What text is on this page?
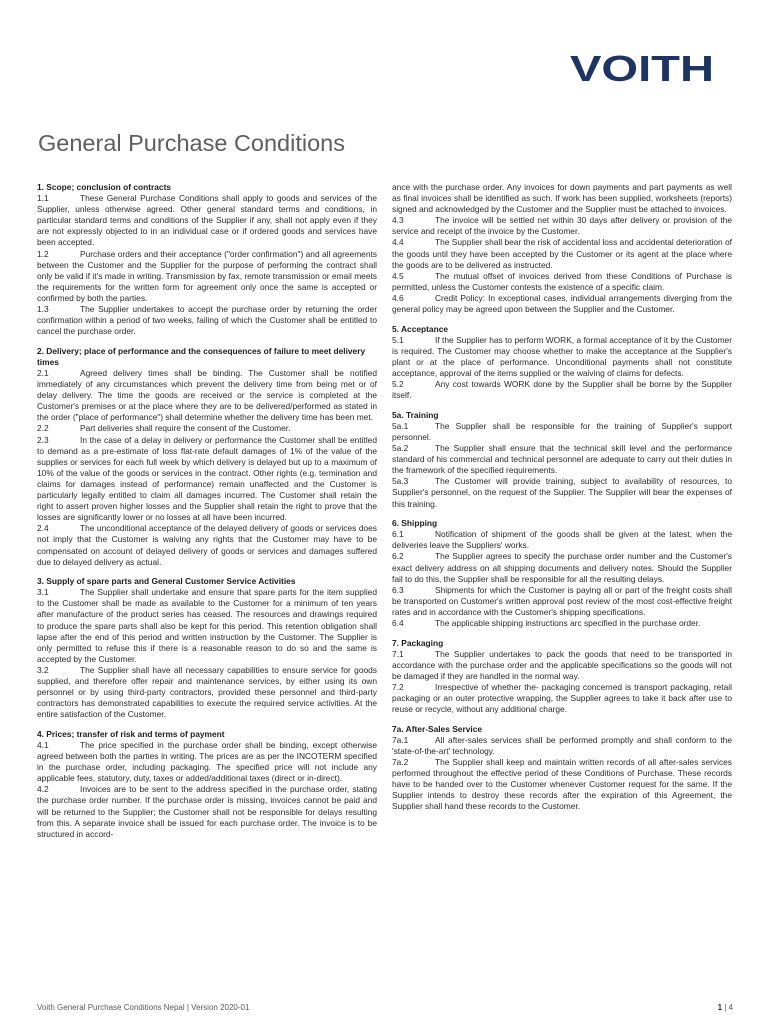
VOITH
General Purchase Conditions
1. Scope; conclusion of contracts
1.1	These General Purchase Conditions shall apply to goods and services of the Supplier, unless otherwise agreed. Other general standard terms and conditions, in particular standard terms and conditions of the Supplier if any, shall not apply even if they are not expressly objected to in an individual case or if ordered goods and services have been accepted.
1.2	Purchase orders and their acceptance ("order confirmation") and all agreements between the Customer and the Supplier for the purpose of performing the contract shall only be valid if it's made in writing. Transmission by fax, remote transmission or email meets the requirements for the written form for agreement only once the same is accepted or confirmed by both the parties.
1.3	The Supplier undertakes to accept the purchase order by returning the order confirmation within a period of two weeks, failing of which the Customer shall be entitled to cancel the purchase order.
2. Delivery; place of performance and the consequences of failure to meet delivery times
2.1	Agreed delivery times shall be binding. The Customer shall be notified immediately of any circumstances which prevent the delivery time from being met or of delay delivery. The time the goods are received or the service is completed at the Customer's premises or at the place where they are to be delivered/performed as stated in the order ("place of performance") shall determine whether the delivery time has been met.
2.2	Part deliveries shall require the consent of the Customer.
2.3	In the case of a delay in delivery or performance the Customer shall be entitled to demand as a pre-estimate of loss flat-rate default damages of 1% of the value of the supplies or services for each full week by which delivery is delayed but up to a maximum of 10% of the value of the goods or services in the contract. Other rights (e.g. termination and claims for damages instead of performance) remain unaffected and the Customer is particularly legally entitled to claim all damages incurred. The Customer shall retain the right to assert proven higher losses and the Supplier shall retain the right to prove that the losses are significantly lower or no losses at all have been incurred.
2.4	The unconditional acceptance of the delayed delivery of goods or services does not imply that the Customer is waiving any rights that the Customer may have to be compensated on account of delayed delivery of goods or services and damages suffered due to delayed delivery as actual.
3. Supply of spare parts and General Customer Service Activities
3.1	The Supplier shall undertake and ensure that spare parts for the item supplied to the Customer shall be made as available to the Customer for a minimum of ten years after manufacture of the product series has ceased. The resources and drawings required to produce the spare parts shall also be kept for this period. This retention obligation shall lapse after the end of this period and written instruction by the Customer. The Supplier is only permitted to refuse this if there is a reasonable reason to do so and the same is accepted by the Customer.
3.2	The Supplier shall have all necessary capabilities to ensure service for goods supplied, and therefore offer repair and maintenance services, by either using its own personnel or by using third-party contractors, provided these personnel and third-party contractors has demonstrated capabilities to execute the required service activities. At the entire satisfaction of the Customer.
4. Prices; transfer of risk and terms of payment
4.1	The price specified in the purchase order shall be binding, except otherwise agreed between both the parties in writing. The prices are as per the INCOTERM specified in the purchase order, including packaging. The specified price will not include any applicable fees, statutory, duty, taxes or added/additional taxes (direct or in-direct).
4.2	Invoices are to be sent to the address specified in the purchase order, stating the purchase order number. If the purchase order is missing, invoices cannot be paid and will be returned to the Supplier; the Customer shall not be responsible for delays resulting from this. A separate invoice shall be issued for each purchase order. The invoice is to be structured in accord-
ance with the purchase order. Any invoices for down payments and part payments as well as final invoices shall be identified as such. If work has been supplied, worksheets (reports) signed and acknowledged by the Customer and the Supplier must be attached to invoices.
4.3	The invoice will be settled net within 30 days after delivery or provision of the service and receipt of the invoice by the Customer.
4.4	The Supplier shall bear the risk of accidental loss and accidental deterioration of the goods until they have been accepted by the Customer or its agent at the place where the goods are to be delivered as instructed.
4.5	The mutual offset of invoices derived from these Conditions of Purchase is permitted, unless the Customer contests the existence of a specific claim.
4.6	Credit Policy: In exceptional cases, individual arrangements diverging from the general policy may be agreed upon between the Supplier and the Customer.
5. Acceptance
5.1	If the Supplier has to perform WORK, a formal acceptance of it by the Customer is required. The Customer may choose whether to make the acceptance at the Supplier's plant or at the place of performance. Unconditional payments shall not constitute acceptance, approval of the items supplied or the waiving of claims for defects.
5.2	Any cost towards WORK done by the Supplier shall be borne by the Supplier itself.
5a. Training
5a.1	The Supplier shall be responsible for the training of Supplier's support personnel.
5a.2	The Supplier shall ensure that the technical skill level and the performance standard of his commercial and technical personnel are adequate to carry out their duties in the framework of the specified requirements.
5a.3	The Customer will provide training, subject to availability of resources, to Supplier's personnel, on the request of the Supplier. The Supplier will bear the expenses of this training.
6. Shipping
6.1	Notification of shipment of the goods shall be given at the latest, when the deliveries leave the Suppliers' works.
6.2	The Supplier agrees to specify the purchase order number and the Customer's exact delivery address on all shipping documents and delivery notes. Should the Supplier fail to do this, the Supplier shall be responsible for all the resulting delays.
6.3	Shipments for which the Customer is paying all or part of the freight costs shall be transported on Customer's written approval post review of the most cost-effective freight rates and in accordance with the Customer's shipping specifications.
6.4	The applicable shipping instructions arc specified in the purchase order.
7. Packaging
7.1	The Supplier undertakes to pack the goods that need to be transported in accordance with the purchase order and the applicable specifications so the goods will not be damaged if they are handled in the normal way.
7.2	Irrespective of whether the- packaging concerned is transport packaging, retail packaging or an outer protective wrapping, the Supplier agrees to take it back after use to reuse or recycle, without any additional charge.
7a. After-Sales Service
7a.1	All after-sales services shall be performed promptly and shall conform to the 'state-of-the-art' technology.
7a.2	The Supplier shall keep and maintain written records of all after-sales services performed throughout the effective period of these Conditions of Purchase. These records have to be handed over to the Customer whenever Customer request for the same. If the Supplier intends to destroy these records after the expiration of this Agreement, the Supplier shall hand these records to the Customer.
Voith General Purchase Conditions Nepal | Version 2020-01	1 | 4
